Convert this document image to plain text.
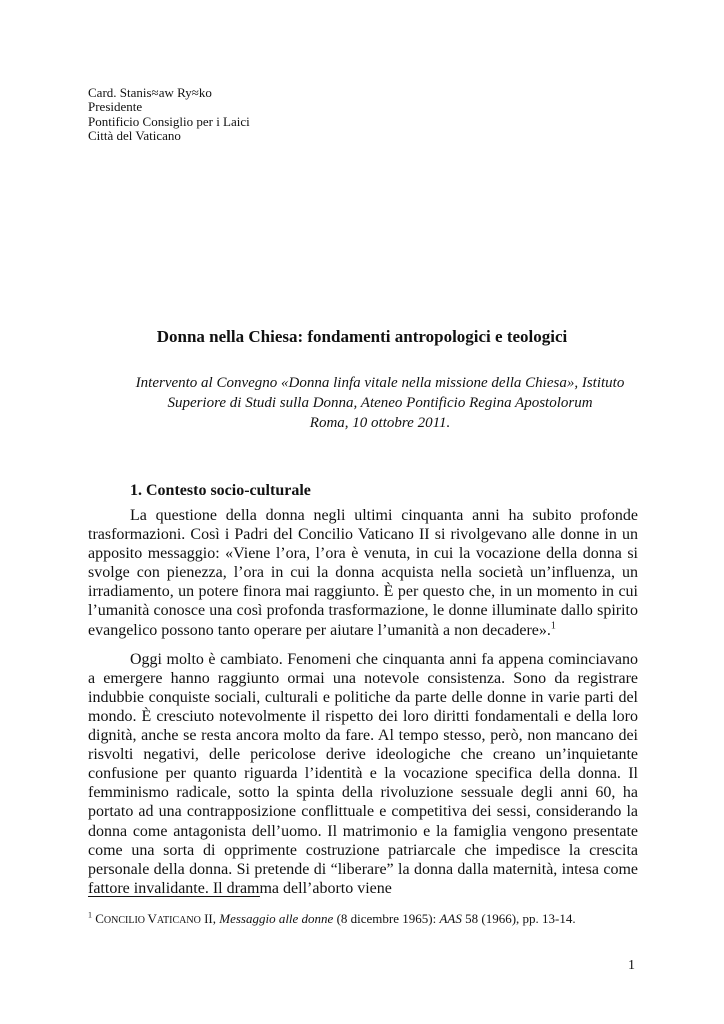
Card. Stanis≈aw Ry≈ko
Presidente
Pontificio Consiglio per i Laici
Città del Vaticano
Donna nella Chiesa: fondamenti antropologici e teologici
Intervento al Convegno «Donna linfa vitale nella missione della Chiesa», Istituto
Superiore di Studi sulla Donna, Ateneo Pontificio Regina Apostolorum
Roma, 10 ottobre 2011.
1. Contesto socio-culturale

La questione della donna negli ultimi cinquanta anni ha subito profonde trasformazioni. Così i Padri del Concilio Vaticano II si rivolgevano alle donne in un apposito messaggio: «Viene l’ora, l’ora è venuta, in cui la vocazione della donna si svolge con pienezza, l’ora in cui la donna acquista nella società un’influenza, un irradiamento, un potere finora mai raggiunto. È per questo che, in un momento in cui l’umanità conosce una così profonda trasformazione, le donne illuminate dallo spirito evangelico possono tanto operare per aiutare l’umanità a non decadere».$^1$

Oggi molto è cambiato. Fenomeni che cinquanta anni fa appena cominciavano a emergere hanno raggiunto ormai una notevole consistenza. Sono da registrare indubbie conquiste sociali, culturali e politiche da parte delle donne in varie parti del mondo. È cresciuto notevolmente il rispetto dei loro diritti fondamentali e della loro dignità, anche se resta ancora molto da fare. Al tempo stesso, però, non mancano dei risvolti negativi, delle pericolose derive ideologiche che creano un’inquietante confusione per quanto riguarda l’identità e la vocazione specifica della donna. Il femminismo radicale, sotto la spinta della rivoluzione sessuale degli anni 60, ha portato ad una contrapposizione conflittuale e competitiva dei sessi, considerando la donna come antagonista dell’uomo. Il matrimonio e la famiglia vengono presentate come una sorta di opprimente costruzione patriarcale che impedisce la crescita personale della donna. Si pretende di “liberare” la donna dalla maternità, intesa come fattore invalidante. Il dramma dell’aborto viene

$^1$ CONCILIO VATICANO II, Messaggio alle donne (8 dicembre 1965): AAS 58 (1966), pp. 13-14.
1
